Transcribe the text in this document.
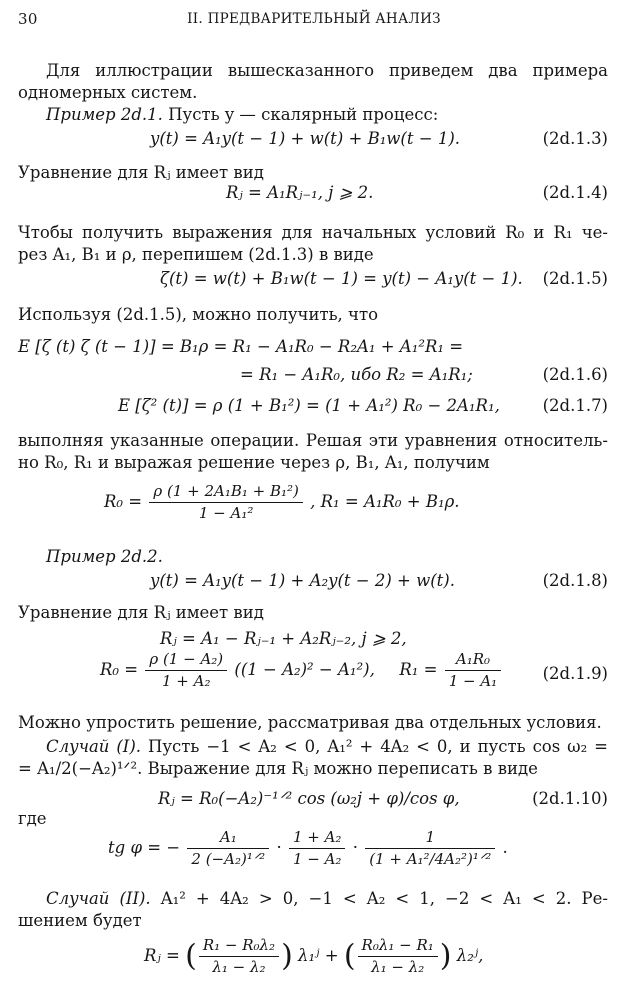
30	II. ПРЕДВАРИТЕЛЬНЫЙ АНАЛИЗ
Для иллюстрации вышесказанного приведем два примера
одномерных систем.
Пример 2d.1. Пусть y — скалярный процесс:
y(t) = A₁y(t − 1) + w(t) + B₁w(t − 1).	(2d.1.3)
Уравнение для Rⱼ имеет вид
Rⱼ = A₁Rⱼ₋₁, j ⩾ 2.	(2d.1.4)
Чтобы получить выражения для начальных условий R₀ и R₁ че-
рез A₁, B₁ и ρ, перепишем (2d.1.3) в виде
ζ(t) = w(t) + B₁w(t − 1) = y(t) − A₁y(t − 1). (2d.1.5)
Используя (2d.1.5), можно получить, что
E [ζ (t) ζ (t − 1)] = B₁ρ = R₁ − A₁R₀ − R₂A₁ + A₁²R₁ =
= R₁ − A₁R₀, ибо R₂ = A₁R₁;	(2d.1.6)
E [ζ² (t)] = ρ (1 + B₁²) = (1 + A₁²) R₀ − 2A₁R₁,	(2d.1.7)
выполняя указанные операции. Решая эти уравнения относитель-
но R₀, R₁ и выражая решение через ρ, B₁, A₁, получим
$R_0 = \frac{\text{ρ (1 + 2A₁B₁ + B₁²)}}{\text{1 − A₁²}}$ , R₁ = A₁R₀ + B₁ρ.
Пример 2d.2.
y(t) = A₁y(t − 1) + A₂y(t − 2) + w(t).	(2d.1.8)
Уравнение для Rⱼ имеет вид
Rⱼ = A₁ − Rⱼ₋₁ + A₂Rⱼ₋₂, j ⩾ 2,
$R_0 = \frac{\text{ρ (1 − A₂)}}{\text{1 + A₂}} ((1 - A_2)^2 - A_1^2)$, $R_1 = \frac{\text{A₁R₀}}{\text{1 − A₁}}$	(2d.1.9)
Можно упростить решение, рассматривая два отдельных условия.
Случай (I). Пусть −1 < A₂ < 0, A₁² + 4A₂ < 0, и пусть cos ω₂ =
= A₁/2(−A₂)¹ᐟ². Выражение для Rⱼ можно переписать в виде
Rⱼ = R₀(−A₂)⁻¹ᐟ² cos (ω₂j + φ)/cos φ,	(2d.1.10)
где
tg φ = − $\frac{\text{A₁}}{\text{2 (−A₂)¹ᐟ²}} \cdot \frac{\text{1 + A₂}}{\text{1 − A₂}} \cdot \frac{1}{\text{(1 + A₁²/4A₂²)¹ᐟ²}}$ .
Случай (II). A₁² + 4A₂ > 0, −1 < A₂ < 1, −2 < A₁ < 2. Ре-
шением будет
Rⱼ = ( $\frac{\text{R₁ − R₀λ₂}}{\text{λ₁ − λ₂}}$ ) λ₁ʲ + ( $\frac{\text{R₀λ₁ − R₁}}{\text{λ₁ − λ₂}}$ ) λ₂ʲ,
